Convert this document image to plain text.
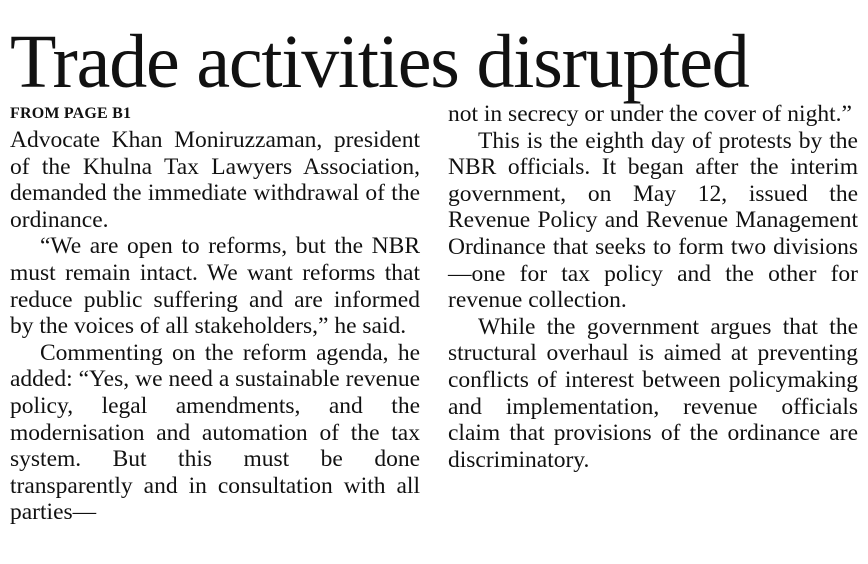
Trade activities disrupted
FROM PAGE B1

Advocate Khan Moniruzzaman, president of the Khulna Tax Lawyers Association, demanded the immediate withdrawal of the ordinance.

“We are open to reforms, but the NBR must remain intact. We want reforms that reduce public suffering and are informed by the voices of all stakeholders,” he said.

Commenting on the reform agenda, he added: “Yes, we need a sustainable revenue policy, legal amendments, and the modernisation and automation of the tax system. But this must be done transparently and in consultation with all parties—

not in secrecy or under the cover of night.”

This is the eighth day of protests by the NBR officials. It began after the interim government, on May 12, issued the Revenue Policy and Revenue Management Ordinance that seeks to form two divisions—one for tax policy and the other for revenue collection.

While the government argues that the structural overhaul is aimed at preventing conflicts of interest between policymaking and implementation, revenue officials claim that provisions of the ordinance are discriminatory.
